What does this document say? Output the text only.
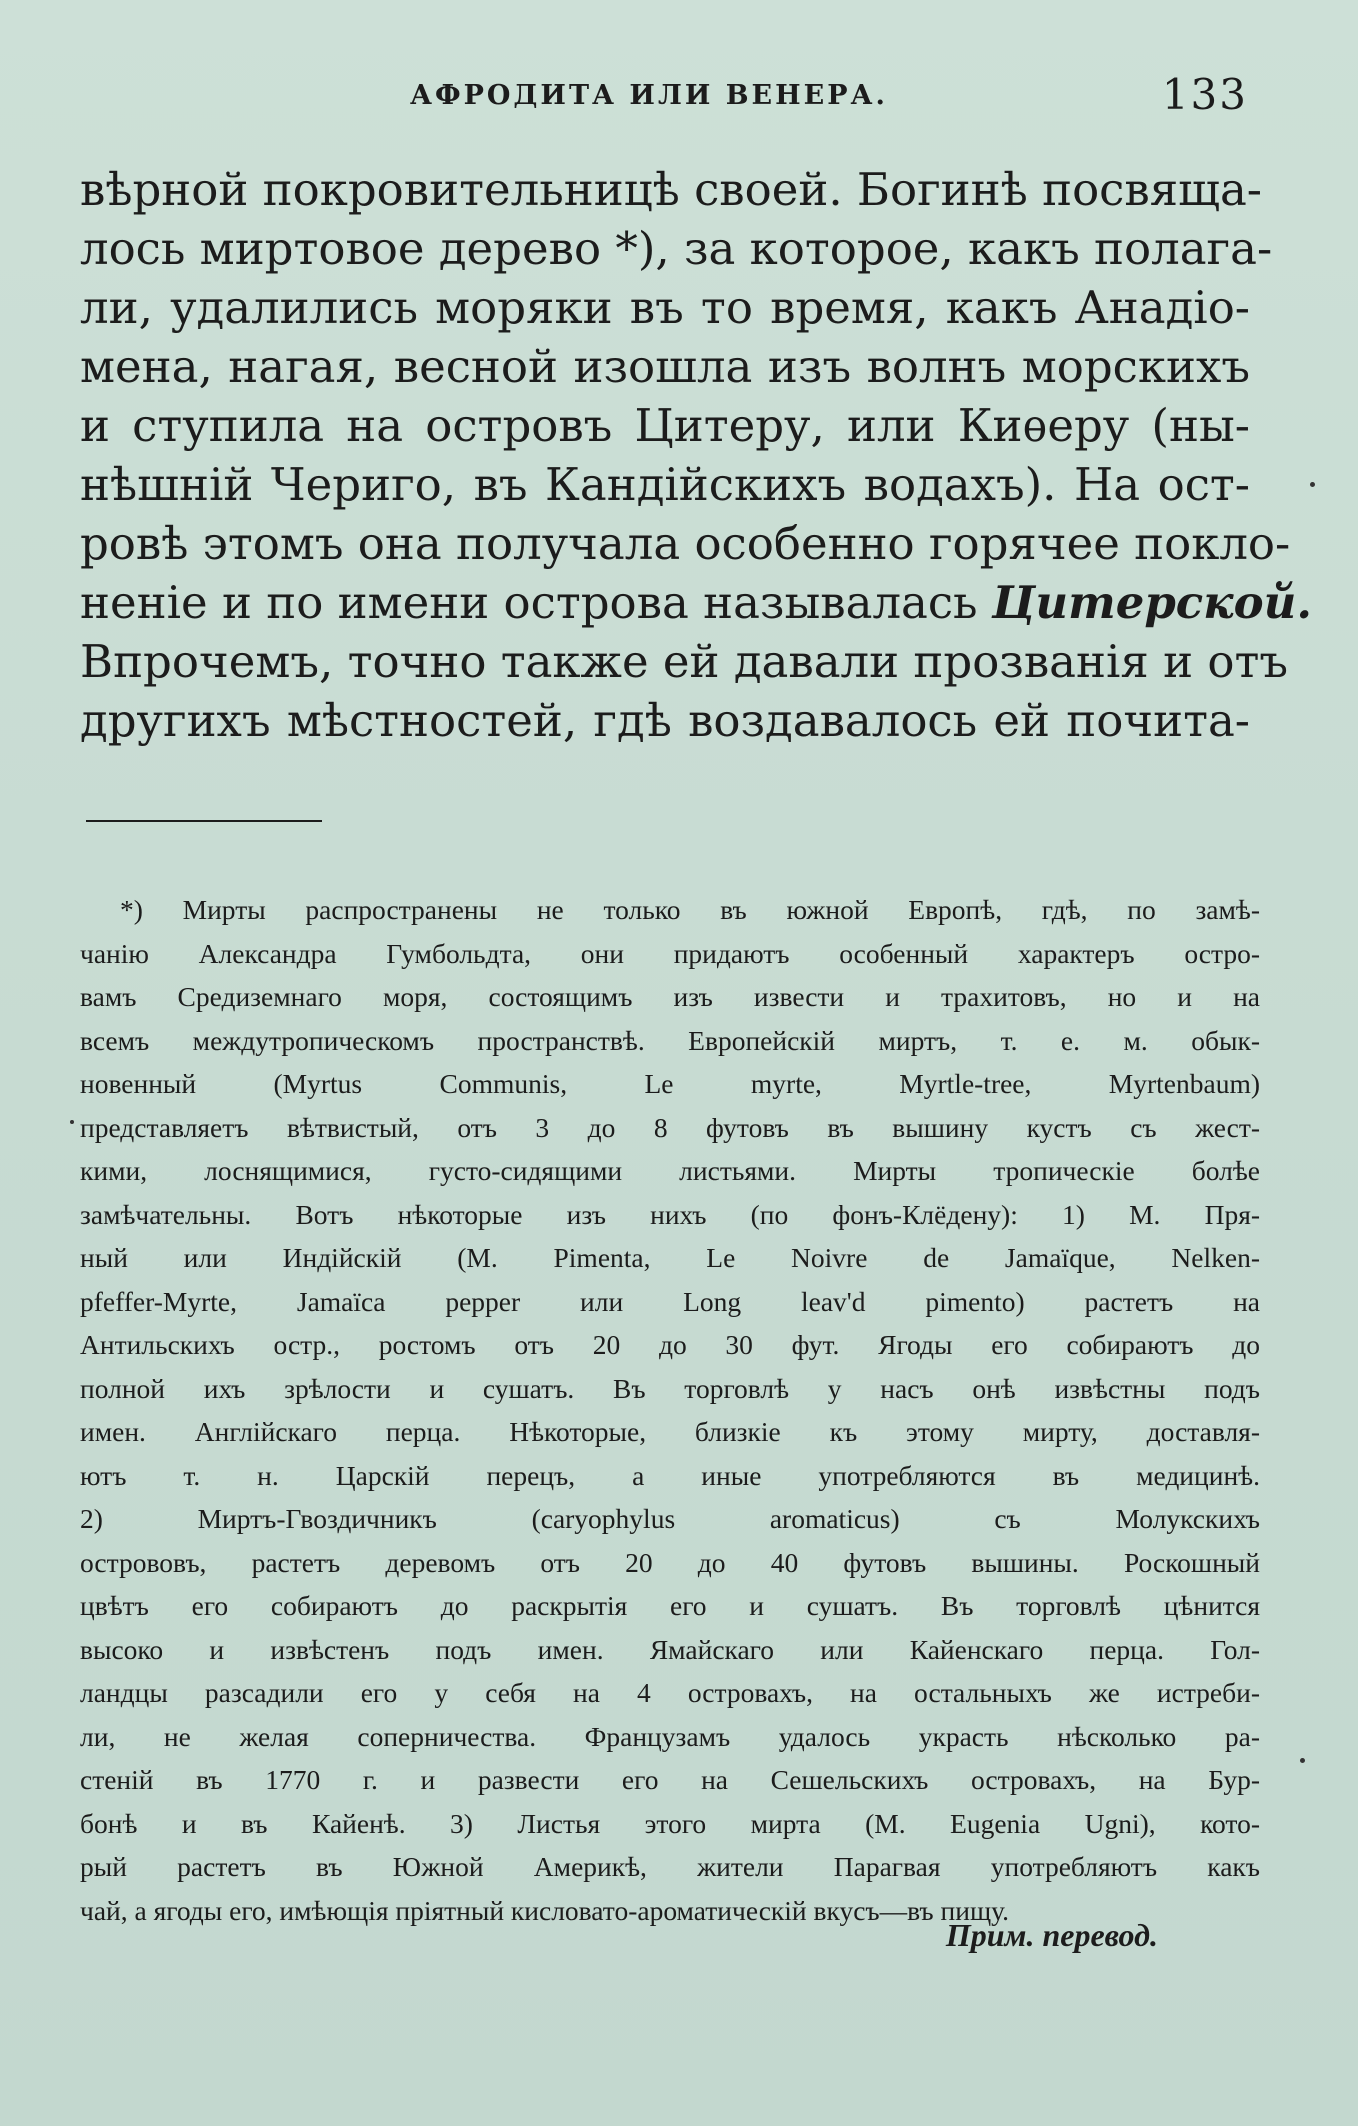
АФРОДИТА ИЛИ ВЕНЕРА.	133
вѣрной покровительницѣ своей. Богинѣ посвяща-
лось миртовое дерево *), за которое, какъ полага-
ли, удалились моряки въ то время, какъ Анадіо-
мена, нагая, весной изошла изъ волнъ морскихъ
и ступила на островъ Цитеру, или Киѳеру (ны-
нѣшній Чериго, въ Кандійскихъ водахъ). На ост-
ровѣ этомъ она получала особенно горячее покло-
неніе и по имени острова называлась Цитерской.
Впрочемъ, точно также ей давали прозванія и отъ
другихъ мѣстностей, гдѣ воздавалось ей почита-
*) Мирты распространены не только въ южной Европѣ, гдѣ, по замѣ-
чанію Александра Гумбольдта, они придаютъ особенный характеръ остро-
вамъ Средиземнаго моря, состоящимъ изъ извести и трахитовъ, но и на
всемъ междутропическомъ пространствѣ. Европейскій миртъ, т. е. м. обык-
новенный (Myrtus Communis, Le myrte, Myrtle-tree, Myrtenbaum)
представляетъ вѣтвистый, отъ 3 до 8 футовъ въ вышину кустъ съ жест-
кими, лоснящимися, густо-сидящими листьями. Мирты тропическіе болѣе
замѣчательны. Вотъ нѣкоторые изъ нихъ (по фонъ-Клёдену): 1) М. Пря-
ный или Индійскій (M. Pimenta, Le Noivre de Jamaïque, Nelken-
pfeffer-Myrte, Jamaïca pepper или Long leav'd pimento) растетъ на
Антильскихъ остр., ростомъ отъ 20 до 30 фут. Ягоды его собираютъ до
полной ихъ зрѣлости и сушатъ. Въ торговлѣ у насъ онѣ извѣстны подъ
имен. Англійскаго перца. Нѣкоторые, близкіе къ этому мирту, доставля-
ютъ т. н. Царскій перецъ, а иные употребляются въ медицинѣ.
2) Миртъ-Гвоздичникъ (caryophylus aromaticus) съ Молукскихъ
острововъ, растетъ деревомъ отъ 20 до 40 футовъ вышины. Роскошный
цвѣтъ его собираютъ до раскрытія его и сушатъ. Въ торговлѣ цѣнится
высоко и извѣстенъ подъ имен. Ямайскаго или Кайенскаго перца. Гол-
ландцы разсадили его у себя на 4 островахъ, на остальныхъ же истреби-
ли, не желая соперничества. Французамъ удалось украсть нѣсколько ра-
стеній въ 1770 г. и развести его на Сешельскихъ островахъ, на Бур-
бонѣ и въ Кайенѣ. 3) Листья этого мирта (M. Eugenia Ugni), кото-
рый растетъ въ Южной Америкѣ, жители Парагвая употребляютъ какъ
чай, а ягоды его, имѣющія пріятный кисловато-ароматическій вкусъ—въ пищу.
Прим. перевод.
